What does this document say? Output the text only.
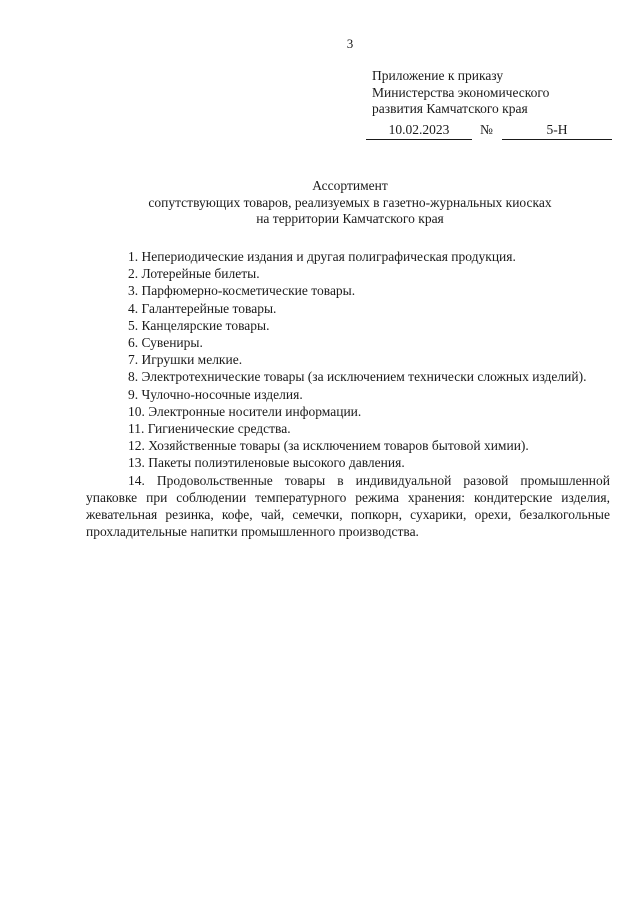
3
Приложение к приказу
Министерства экономического
развития Камчатского края
10.02.2023	№	5-Н
Ассортимент
сопутствующих товаров, реализуемых в газетно-журнальных киосках
на территории Камчатского края

1. Непериодические издания и другая полиграфическая продукция.

2. Лотерейные билеты.

3. Парфюмерно-косметические товары.

4. Галантерейные товары.

5. Канцелярские товары.

6. Сувениры.

7. Игрушки мелкие.

8. Электротехнические товары (за исключением технически сложных изделий).

9. Чулочно-носочные изделия.

10. Электронные носители информации.

11. Гигиенические средства.

12. Хозяйственные товары (за исключением товаров бытовой химии).

13. Пакеты полиэтиленовые высокого давления.

14. Продовольственные товары в индивидуальной разовой промышленной упаковке при соблюдении температурного режима хранения: кондитерские изделия, жевательная резинка, кофе, чай, семечки, попкорн, сухарики, орехи, безалкогольные прохладительные напитки промышленного производства.
